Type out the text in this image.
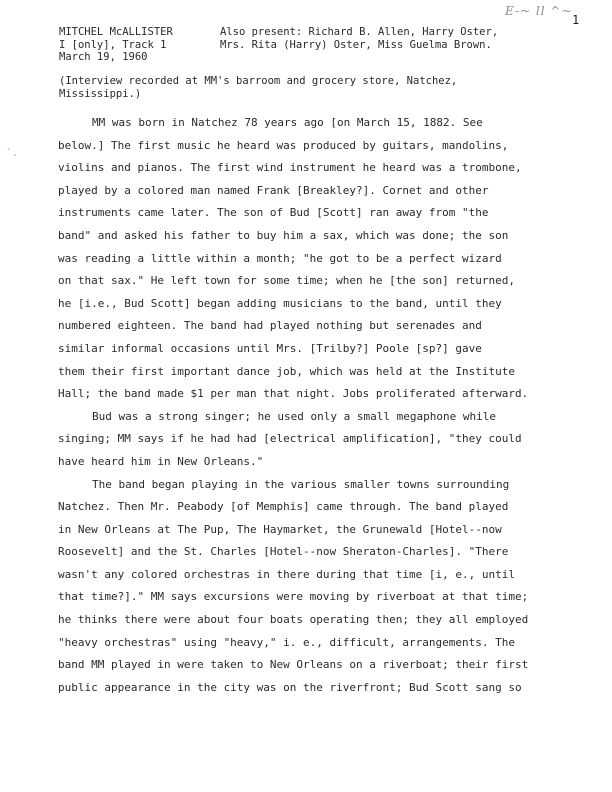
E-~ ll ^~
1
`.
MITCHEL McALLISTER
I [only], Track 1
March 19, 1960
Also present: Richard B. Allen, Harry Oster,
Mrs. Rita (Harry) Oster, Miss Guelma Brown.
(Interview recorded at MM's barroom and grocery store, Natchez,
Mississippi.)
MM was born in Natchez 78 years ago [on March 15, 1882. See
below.] The first music he heard was produced by guitars, mandolins,
violins and pianos. The first wind instrument he heard was a trombone,
played by a colored man named Frank [Breakley?]. Cornet and other
instruments came later. The son of Bud [Scott] ran away from "the
band" and asked his father to buy him a sax, which was done; the son
was reading a little within a month; "he got to be a perfect wizard
on that sax." He left town for some time; when he [the son] returned,
he [i.e., Bud Scott] began adding musicians to the band, until they
numbered eighteen. The band had played nothing but serenades and
similar informal occasions until Mrs. [Trilby?] Poole [sp?] gave
them their first important dance job, which was held at the Institute
Hall; the band made $1 per man that night. Jobs proliferated afterward.
Bud was a strong singer; he used only a small megaphone while
singing; MM says if he had had [electrical amplification], "they could
have heard him in New Orleans."
The band began playing in the various smaller towns surrounding
Natchez. Then Mr. Peabody [of Memphis] came through. The band played
in New Orleans at The Pup, The Haymarket, the Grunewald [Hotel--now
Roosevelt] and the St. Charles [Hotel--now Sheraton-Charles]. "There
wasn't any colored orchestras in there during that time [i, e., until
that time?]." MM says excursions were moving by riverboat at that time;
he thinks there were about four boats operating then; they all employed
"heavy orchestras" using "heavy," i. e., difficult, arrangements. The
band MM played in were taken to New Orleans on a riverboat; their first
public appearance in the city was on the riverfront; Bud Scott sang so
